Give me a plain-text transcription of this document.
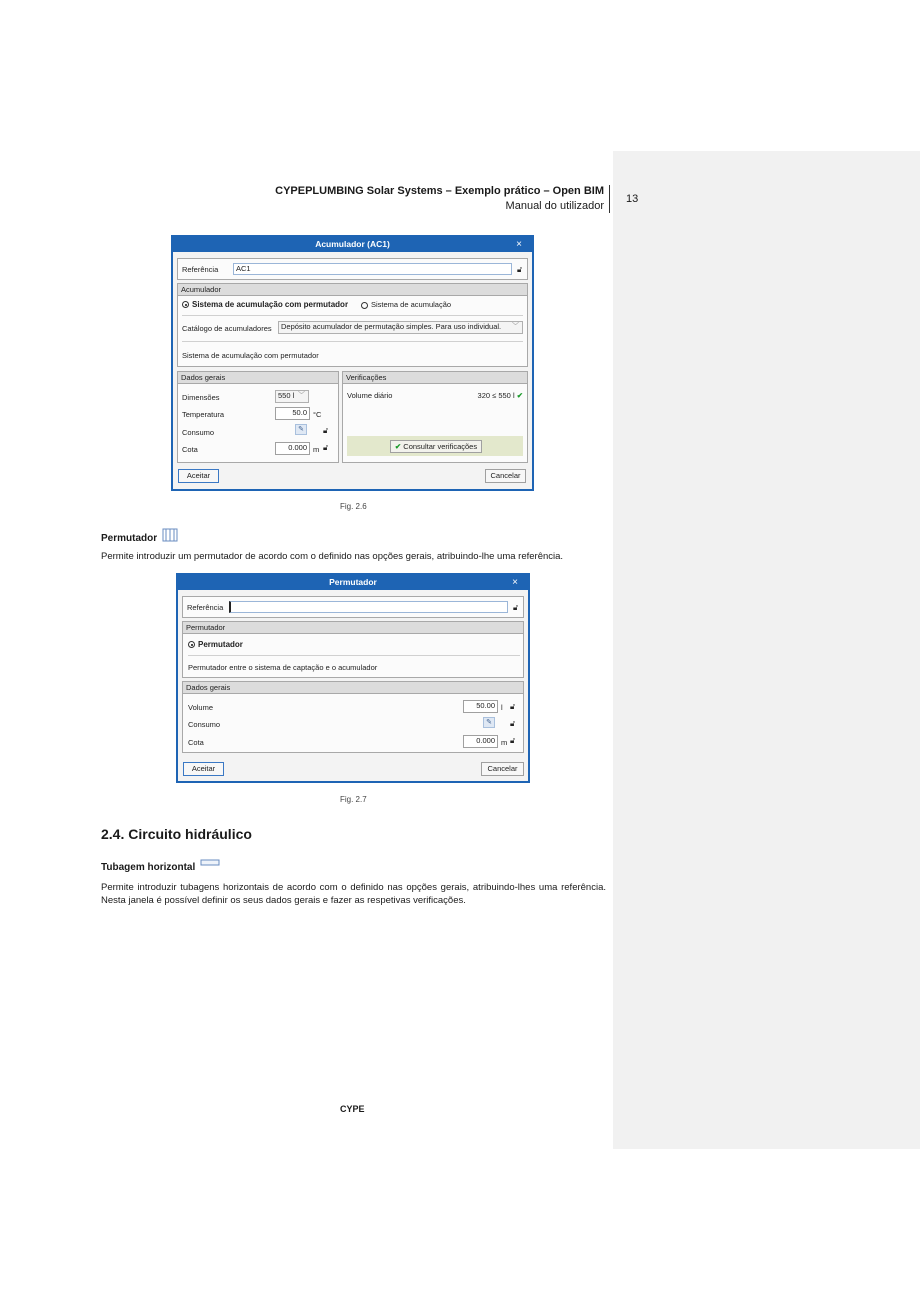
CYPEPLUMBING Solar Systems – Exemplo prático – Open BIM
Manual do utilizador
13
Acumulador (AC1)	×
Referência	AC1	🔓︎
Acumulador
Sistema de acumulação com permutador	Sistema de acumulação
Catálogo de acumuladores	Depósito acumulador de permutação simples. Para uso individual. ﹀
Sistema de acumulação com permutador
Dados gerais
Dimensões	550 l ﹀
Temperatura	50.0 °C
Consumo	✎	🔓︎
Cota	0.000 m 🔓︎
Verificações
Volume diário	320 ≤ 550 l ✔
✔ Consultar verificações
Aceitar	Cancelar
Fig. 2.6
Permutador
Permite introduzir um permutador de acordo com o definido nas opções gerais, atribuindo-lhe uma referência.
Permutador	×
Referência	🔓︎
Permutador
Permutador
Permutador entre o sistema de captação e o acumulador
Dados gerais
Volume	50.00 l 🔓︎
Consumo	✎	🔓︎
Cota	0.000 m 🔓︎
Aceitar	Cancelar
Fig. 2.7
2.4. Circuito hidráulico
Tubagem horizontal
Permite introduzir tubagens horizontais de acordo com o definido nas opções gerais, atribuindo-lhes uma referência. Nesta janela é possível definir os seus dados gerais e fazer as respetivas verificações.
CYPE
